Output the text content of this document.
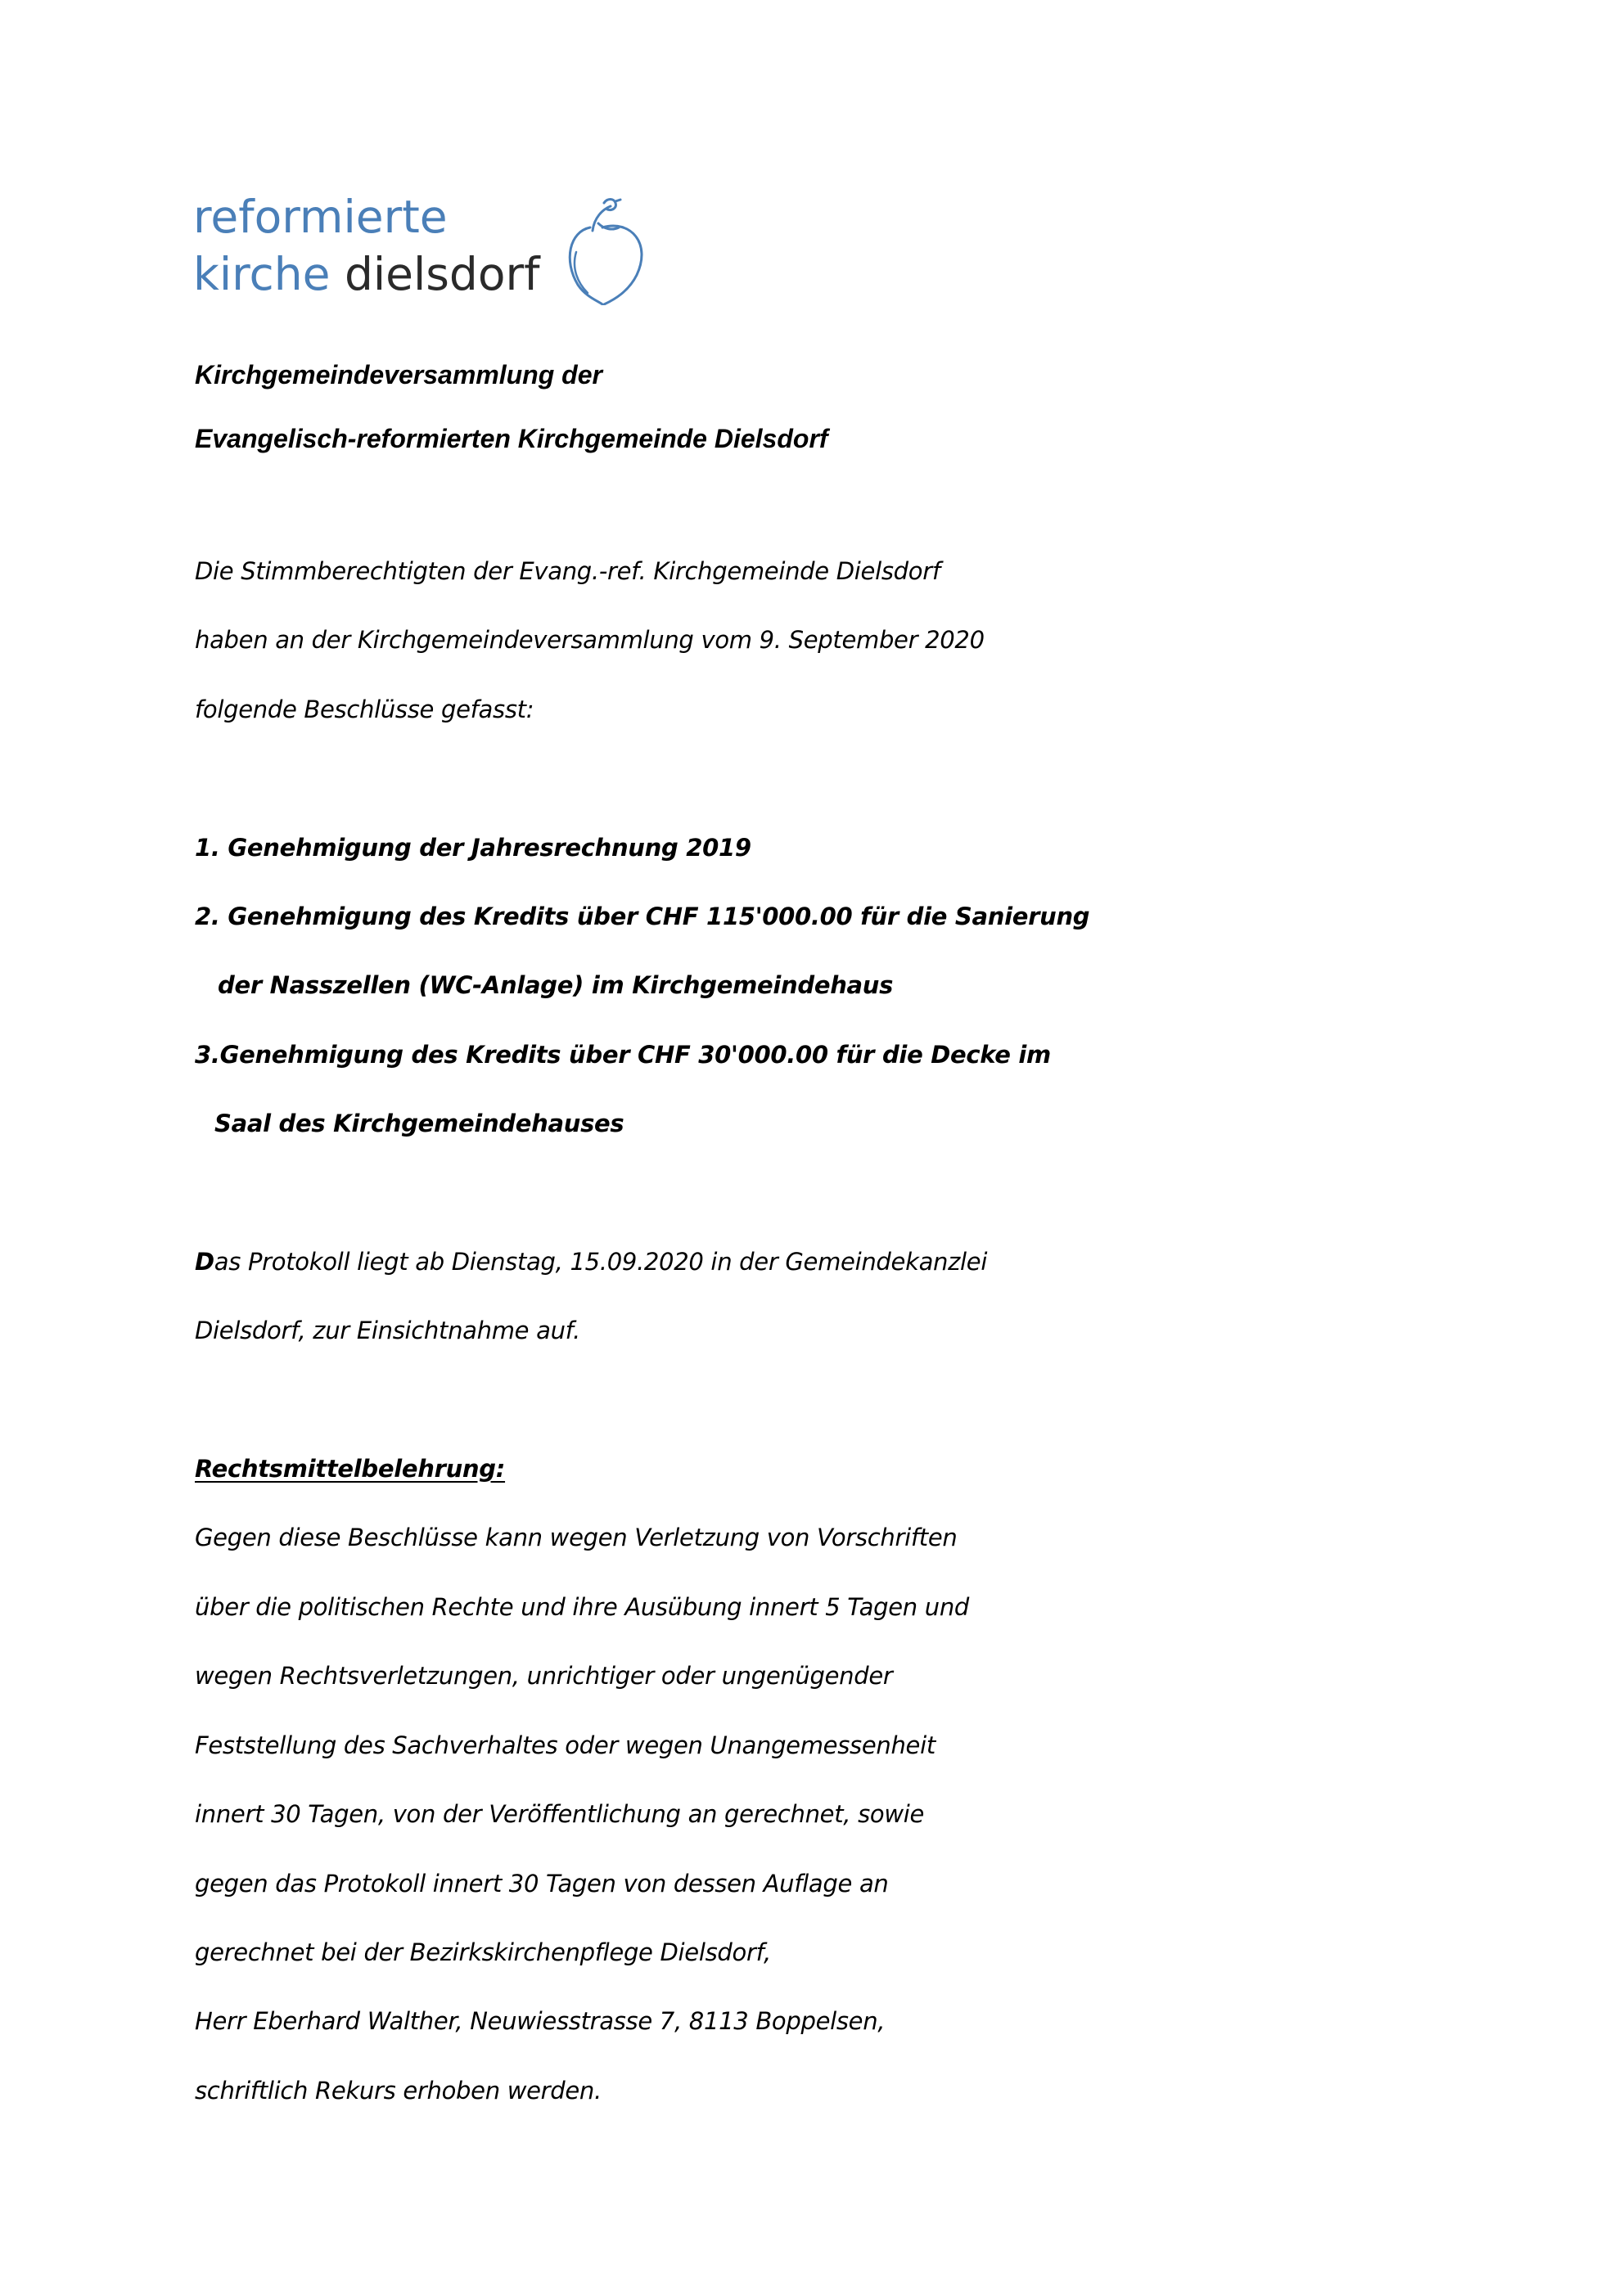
reformierte
kirche dielsdorf
Kirchgemeindeversammlung der
Evangelisch-reformierten Kirchgemeinde Dielsdorf
Die Stimmberechtigten der Evang.-ref. Kirchgemeinde Dielsdorf
haben an der Kirchgemeindeversammlung vom 9. September 2020
folgende Beschlüsse gefasst:
1. Genehmigung der Jahresrechnung 2019
2. Genehmigung des Kredits über CHF 115'000.00 für die Sanierung
der Nasszellen (WC-Anlage) im Kirchgemeindehaus
3.Genehmigung des Kredits über CHF 30'000.00 für die Decke im
Saal des Kirchgemeindehauses
Das Protokoll liegt ab Dienstag, 15.09.2020 in der Gemeindekanzlei
Dielsdorf, zur Einsichtnahme auf.
Rechtsmittelbelehrung:
Gegen diese Beschlüsse kann wegen Verletzung von Vorschriften
über die politischen Rechte und ihre Ausübung innert 5 Tagen und
wegen Rechtsverletzungen, unrichtiger oder ungenügender
Feststellung des Sachverhaltes oder wegen Unangemessenheit
innert 30 Tagen, von der Veröffentlichung an gerechnet, sowie
gegen das Protokoll innert 30 Tagen von dessen Auflage an
gerechnet bei der Bezirkskirchenpflege Dielsdorf,
Herr Eberhard Walther, Neuwiesstrasse 7, 8113 Boppelsen,
schriftlich Rekurs erhoben werden.
